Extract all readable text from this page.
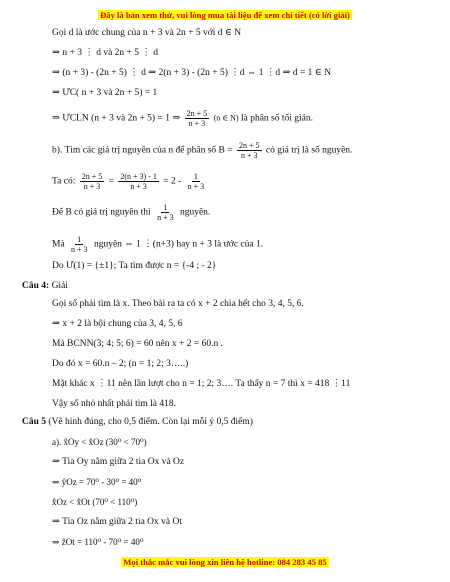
Đây là bản xem thử, vui lòng mua tài liệu để xem chi tiết (có lời giải)
Gọi d là ước chung của n + 3 và 2n + 5 với d ∈ N
⇒ n + 3 ⋮ d và 2n + 5 ⋮ d
⇒ (n + 3) - (2n + 5) ⋮ d ⇒ 2(n + 3) - (2n + 5) ⋮d ⇔ 1 ⋮d ⇒ d = 1 ∈ N
⇒ ƯC( n + 3 và 2n + 5) = 1
⇒ ƯCLN (n + 3 và 2n + 5) = 1 ⇒ $\frac{2n + 5}{n + 3} (n$ ∈ N) là phân số tối giản.
b). Tìm các giá trị nguyên của n để phân số $B = \frac{2n + 5}{n + 3}$ có giá trị là số nguyên.
Ta có: $\frac{2n + 5}{n + 3} = \frac{2(n + 3) - 1}{n + 3} = 2 - \frac{1}{n + 3}$
Để B có giá trị nguyên thì $\frac{1}{n + 3}$ nguyên.
Mà $\frac{1}{n + 3}$ nguyên ⇔ 1 ⋮(n+3) hay n + 3 là ước của 1.
Do Ư(1) = {±1}; Ta tìm được n = {-4 ; - 2}
Câu 4: Giải
Gọi số phải tìm là x. Theo bài ra ta có x + 2 chia hết cho 3, 4, 5, 6.
⇒ x + 2 là bội chung của 3, 4, 5, 6
Mà BCNN(3; 4; 5; 6) = 60 nên x + 2 = 60.n .
Do đó x = 60.n – 2; (n = 1; 2; 3…..)
Mặt khác x ⋮11 nên lần lượt cho n = 1; 2; 3…. Ta thấy n = 7 thì x = 418 ⋮11
Vậy số nhỏ nhất phải tìm là 418.
Câu 5 (Vẽ hình đúng, cho 0,5 điểm. Còn lại mỗi ý 0,5 điểm)
a). x̂Oy < x̂Oz (30⁰ < 70⁰)
⇒ Tia Oy nằm giữa 2 tia Ox và Oz
⇒ ŷOz = 70⁰ - 30⁰ = 40⁰
x̂Oz < x̂Ot (70⁰ < 110⁰)
⇒ Tia Oz nằm giữa 2 tia Ox và Ot
⇒ ẑOt = 110⁰ - 70⁰ = 40⁰
Mọi thắc mắc vui lòng xin liên hệ hotline: 084 283 45 85
